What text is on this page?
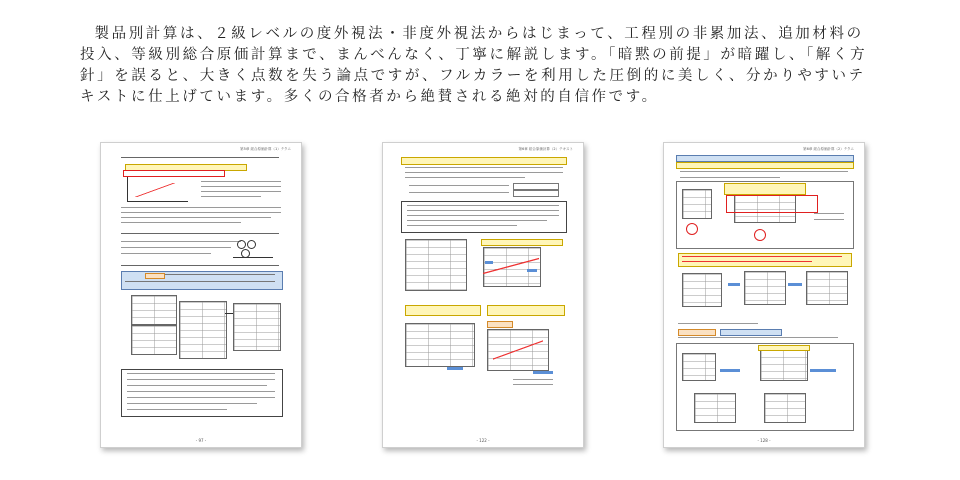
製品別計算は、２級レベルの度外視法・非度外視法からはじまって、工程別の非累加法、追加材料の投入、等級別総合原価計算まで、まんべんなく、丁寧に解説します。「暗黙の前提」が暗躍し、「解く方針」を誤ると、大きく点数を失う論点ですが、フルカラーを利用した圧倒的に美しく、分かりやすいテキストに仕上げています。多くの合格者から絶賛される絶対的自信作です。

第5章 総合原価計算（1）テクニ
- 97 -
第6章 総合原価計算（2）テキスト
- 122 -
第6章 総合原価計算（2）テクニ
- 128 -
